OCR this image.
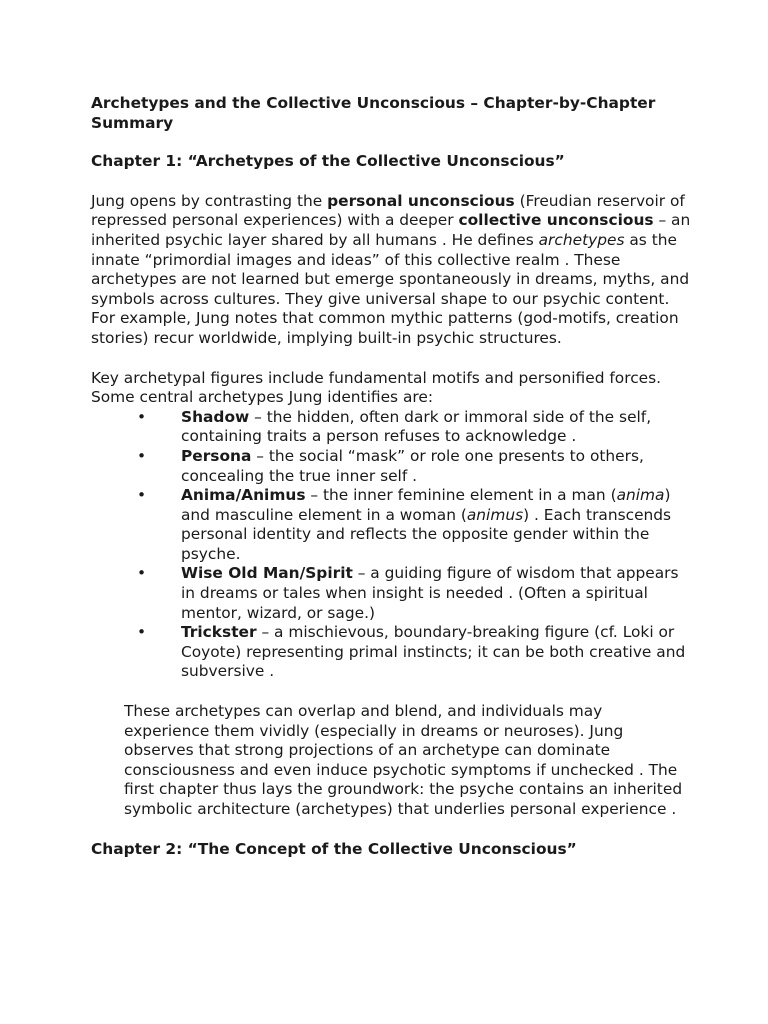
Archetypes and the Collective Unconscious – Chapter-by-Chapter Summary

Chapter 1: “Archetypes of the Collective Unconscious”

Jung opens by contrasting the personal unconscious (Freudian reservoir of repressed personal experiences) with a deeper collective unconscious – an inherited psychic layer shared by all humans . He defines archetypes as the innate “primordial images and ideas” of this collective realm . These archetypes are not learned but emerge spontaneously in dreams, myths, and symbols across cultures. They give universal shape to our psychic content. For example, Jung notes that common mythic patterns (god-motifs, creation stories) recur worldwide, implying built-in psychic structures.

Key archetypal figures include fundamental motifs and personified forces. Some central archetypes Jung identifies are:

•	Shadow – the hidden, often dark or immoral side of the self, containing traits a person refuses to acknowledge .
•	Persona – the social “mask” or role one presents to others, concealing the true inner self .
•	Anima/Animus – the inner feminine element in a man (anima) and masculine element in a woman (animus) . Each transcends personal identity and reflects the opposite gender within the psyche.
•	Wise Old Man/Spirit – a guiding figure of wisdom that appears in dreams or tales when insight is needed . (Often a spiritual mentor, wizard, or sage.)
•	Trickster – a mischievous, boundary-breaking figure (cf. Loki or Coyote) representing primal instincts; it can be both creative and subversive .

These archetypes can overlap and blend, and individuals may experience them vividly (especially in dreams or neuroses). Jung observes that strong projections of an archetype can dominate consciousness and even induce psychotic symptoms if unchecked . The first chapter thus lays the groundwork: the psyche contains an inherited symbolic architecture (archetypes) that underlies personal experience .

Chapter 2: “The Concept of the Collective Unconscious”
